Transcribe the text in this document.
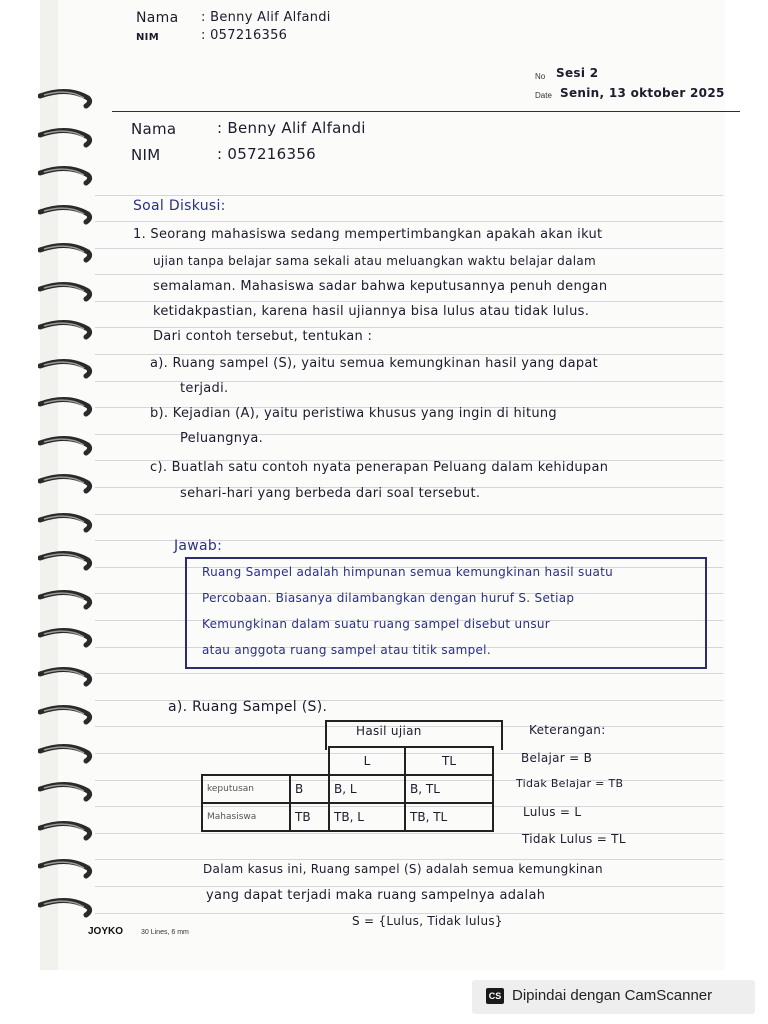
Nama : Benny Alif Alfandi
NIM	: 057216356
No Sesi 2
Date Senin, 13 oktober 2025
Nama	: Benny Alif Alfandi
NIM	: 057216356
Soal Diskusi:
1. Seorang mahasiswa sedang mempertimbangkan apakah akan ikut
ujian tanpa belajar sama sekali atau meluangkan waktu belajar dalam
semalaman. Mahasiswa sadar bahwa keputusannya penuh dengan
ketidakpastian, karena hasil ujiannya bisa lulus atau tidak lulus.
Dari contoh tersebut, tentukan :
a). Ruang sampel (S), yaitu semua kemungkinan hasil yang dapat
terjadi.
b). Kejadian (A), yaitu peristiwa khusus yang ingin di hitung
Peluangnya.
c). Buatlah satu contoh nyata penerapan Peluang dalam kehidupan
sehari-hari yang berbeda dari soal tersebut.
Jawab:
Ruang Sampel adalah himpunan semua kemungkinan hasil suatu
Percobaan. Biasanya dilambangkan dengan huruf S. Setiap
Kemungkinan dalam suatu ruang sampel disebut unsur
atau anggota ruang sampel atau titik sampel.
a). Ruang Sampel (S).
Hasil ujian
		L	TL
keputusan	B	B, L	B, TL
Mahasiswa	TB	TB, L	TB, TL
Keterangan:
Belajar = B
Tidak Belajar = TB
Lulus = L
Tidak Lulus = TL
Dalam kasus ini, Ruang sampel (S) adalah semua kemungkinan
yang dapat terjadi maka ruang sampelnya adalah
S = {Lulus, Tidak lulus}
JOYKO	30 Lines, 6 mm
CS Dipindai dengan CamScanner
